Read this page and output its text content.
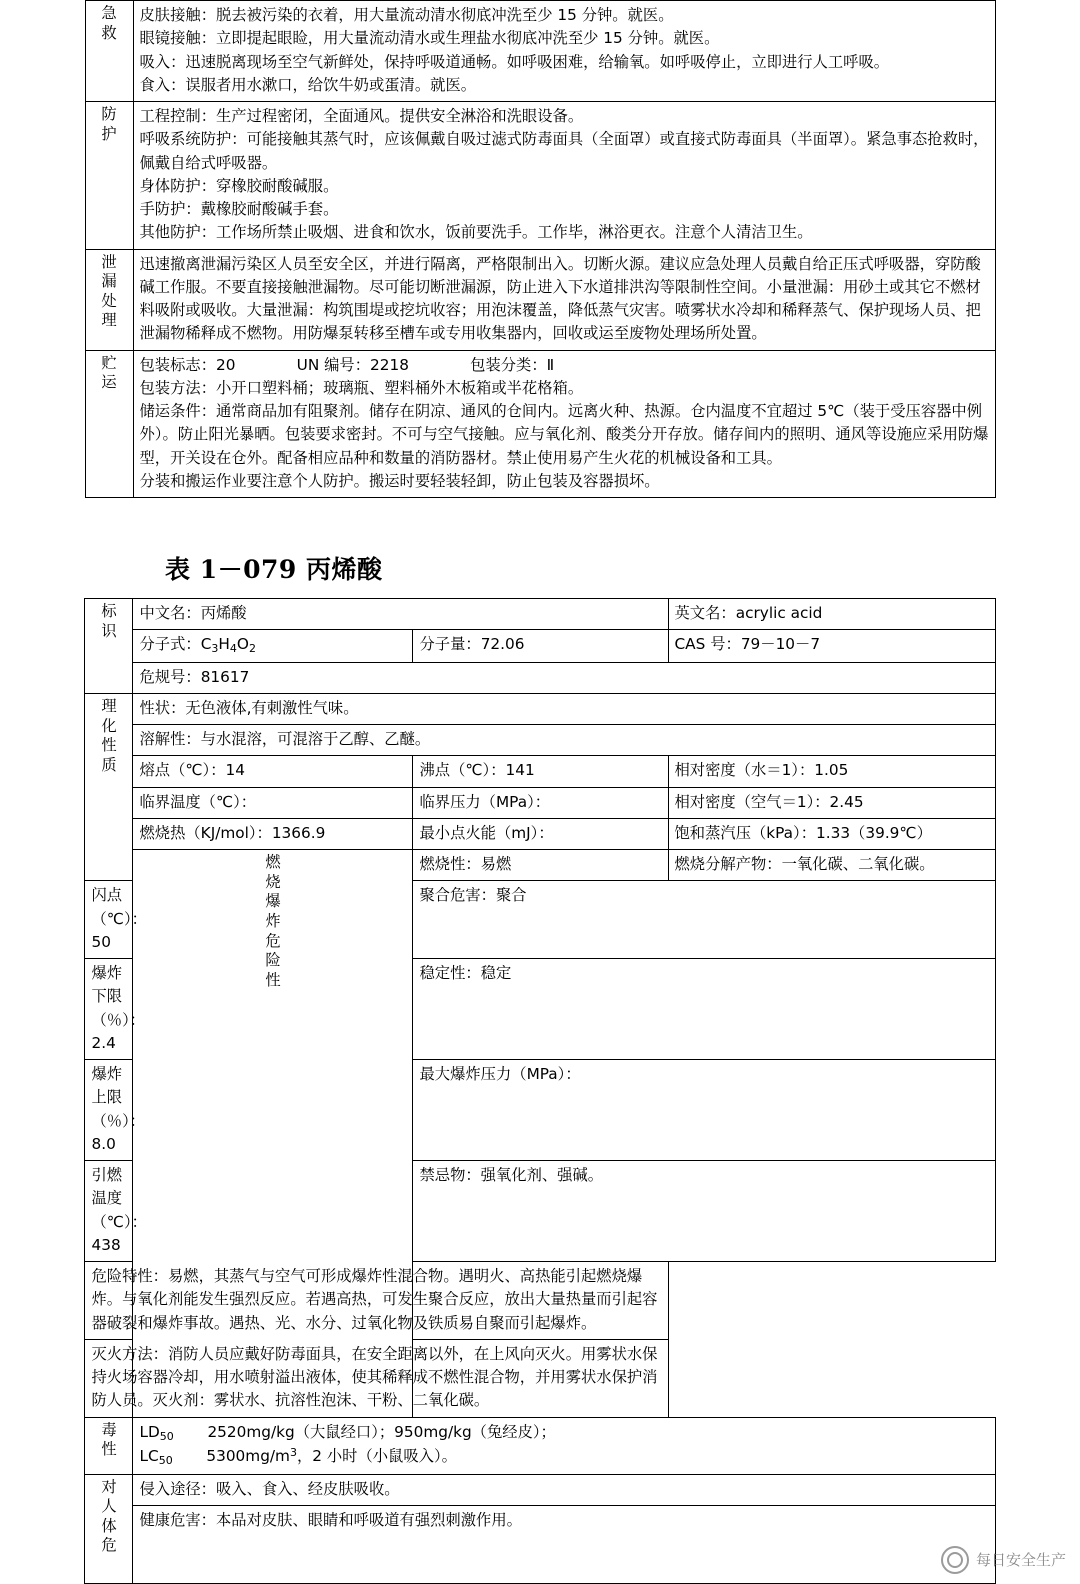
急救	皮肤接触：脱去被污染的衣着，用大量流动清水彻底冲洗至少 15 分钟。就医。

眼镜接触：立即提起眼睑，用大量流动清水或生理盐水彻底冲洗至少 15 分钟。就医。

吸入：迅速脱离现场至空气新鲜处，保持呼吸道通畅。如呼吸困难，给输氧。如呼吸停止，立即进行人工呼吸。

食入：误服者用水漱口，给饮牛奶或蛋清。就医。

防护	工程控制：生产过程密闭，全面通风。提供安全淋浴和洗眼设备。

呼吸系统防护：可能接触其蒸气时，应该佩戴自吸过滤式防毒面具（全面罩）或直接式防毒面具（半面罩）。紧急事态抢救时，佩戴自给式呼吸器。

身体防护：穿橡胶耐酸碱服。

手防护：戴橡胶耐酸碱手套。

其他防护：工作场所禁止吸烟、进食和饮水，饭前要洗手。工作毕，淋浴更衣。注意个人清洁卫生。

泄漏处理	迅速撤离泄漏污染区人员至安全区，并进行隔离，严格限制出入。切断火源。建议应急处理人员戴自给正压式呼吸器，穿防酸碱工作服。不要直接接触泄漏物。尽可能切断泄漏源，防止进入下水道排洪沟等限制性空间。小量泄漏：用砂土或其它不燃材料吸附或吸收。大量泄漏：构筑围堤或挖坑收容；用泡沫覆盖，降低蒸气灾害。喷雾状水冷却和稀释蒸气、保护现场人员、把泄漏物稀释成不燃物。用防爆泵转移至槽车或专用收集器内，回收或运至废物处理场所处置。

贮运	包装标志：20　　　　UN 编号：2218　　　　包装分类：Ⅱ

包装方法：小开口塑料桶；玻璃瓶、塑料桶外木板箱或半花格箱。

储运条件：通常商品加有阻聚剂。储存在阴凉、通风的仓间内。远离火种、热源。仓内温度不宜超过 5℃（装于受压容器中例外）。防止阳光暴晒。包装要求密封。不可与空气接触。应与氧化剂、酸类分开存放。储存间内的照明、通风等设施应采用防爆型，开关设在仓外。配备相应品种和数量的消防器材。禁止使用易产生火花的机械设备和工具。

分装和搬运作业要注意个人防护。搬运时要轻装轻卸，防止包装及容器损坏。

表 1－079 丙烯酸
标识	中文名：丙烯酸		英文名：acrylic acid
	分子式：$C_3H_4O_2$	分子量：72.06	CAS 号：79－10－7
	危规号：81617		
理化性质	性状：无色液体,有刺激性气味。		
	溶解性：与水混溶，可混溶于乙醇、乙醚。		
	熔点（℃）：14	沸点（℃）：141	相对密度（水＝1）：1.05
	临界温度（℃）：	临界压力（MPa）：	相对密度（空气＝1）：2.45
	燃烧热（KJ/mol）：1366.9	最小点火能（mJ）：	饱和蒸汽压（kPa）：1.33（39.9℃）
	燃烧爆炸危险性	燃烧性：易燃	燃烧分解产物：一氧化碳、二氧化碳。
闪点（℃）：50		聚合危害：聚合	
爆炸下限（％）：2.4		稳定性：稳定	
爆炸上限（％）：8.0		最大爆炸压力（MPa）：	
引燃温度（℃）：438		禁忌物：强氧化剂、强碱。	
危险特性：易燃，其蒸气与空气可形成爆炸性混合物。遇明火、高热能引起燃烧爆炸。与氧化剂能发生强烈反应。若遇高热，可发生聚合反应，放出大量热量而引起容器破裂和爆炸事故。遇热、光、水分、过氧化物及铁质易自聚而引起爆炸。			
灭火方法：消防人员应戴好防毒面具，在安全距离以外，在上风向灭火。用雾状水保持火场容器冷却，用水喷射溢出液体，使其稀释成不燃性混合物，并用雾状水保护消防人员。灭火剂：雾状水、抗溶性泡沫、干粉、二氧化碳。			
毒性	$LD_{50}$ 2520mg/kg（大鼠经口）；950mg/kg（兔经皮）；

$LC_{50}$ $5300mg/m^3$，2 小时（小鼠吸入）。		

对人体危	侵入途径：吸入、食入、经皮肤吸收。		
	健康危害：本品对皮肤、眼睛和呼吸道有强烈刺激作用。		
每日安全生产
